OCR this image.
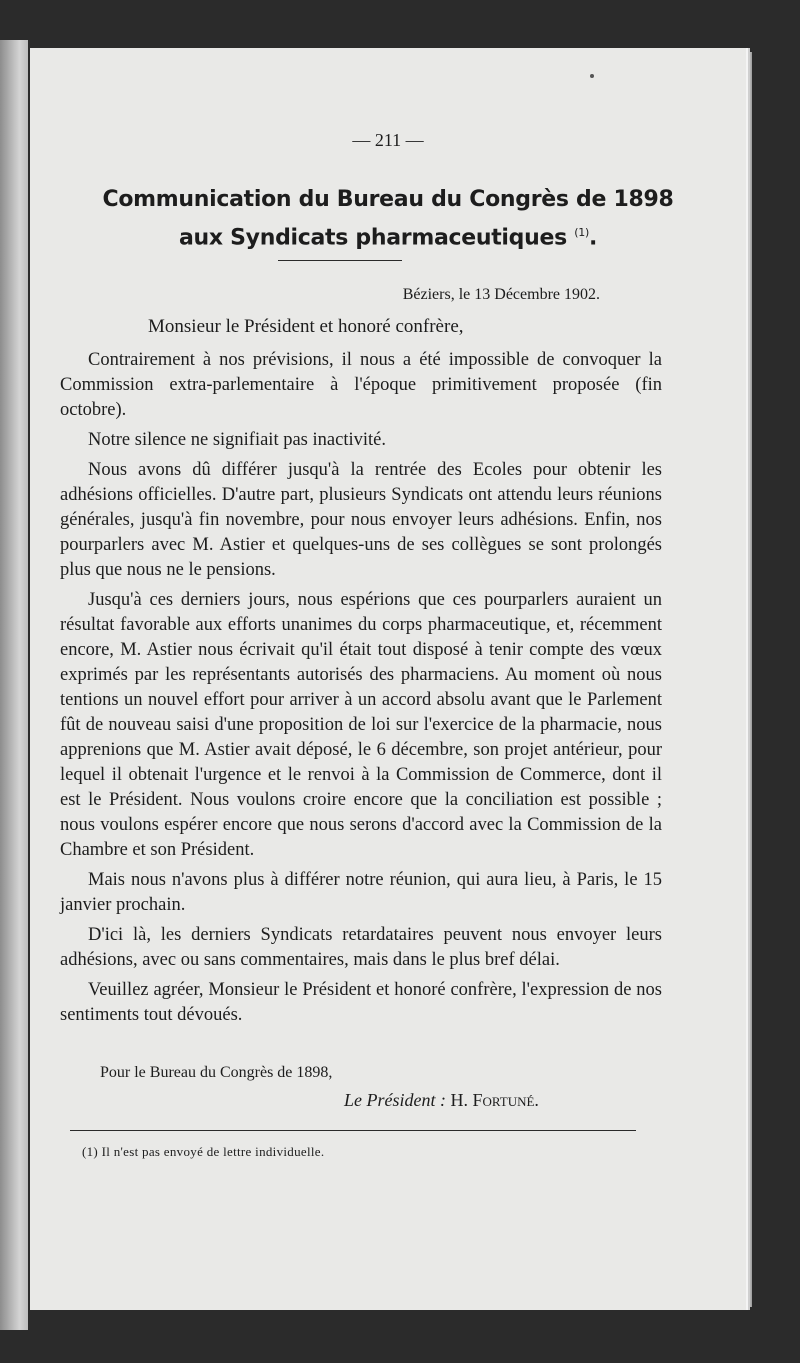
— 211 —
Communication du Bureau du Congrès de 1898
aux Syndicats pharmaceutiques $^{(1)}$.
Béziers, le 13 Décembre 1902.
Monsieur le Président et honoré confrère,

Contrairement à nos prévisions, il nous a été impossible de convoquer la Commission extra-parlementaire à l'époque primitivement proposée (fin octobre).

Notre silence ne signifiait pas inactivité.

Nous avons dû différer jusqu'à la rentrée des Ecoles pour obtenir les adhésions officielles. D'autre part, plusieurs Syndicats ont attendu leurs réunions générales, jusqu'à fin novembre, pour nous envoyer leurs adhésions. Enfin, nos pourparlers avec M. Astier et quelques-uns de ses collègues se sont prolongés plus que nous ne le pensions.

Jusqu'à ces derniers jours, nous espérions que ces pourparlers auraient un résultat favorable aux efforts unanimes du corps pharmaceutique, et, récemment encore, M. Astier nous écrivait qu'il était tout disposé à tenir compte des vœux exprimés par les représentants autorisés des pharmaciens. Au moment où nous tentions un nouvel effort pour arriver à un accord absolu avant que le Parlement fût de nouveau saisi d'une proposition de loi sur l'exercice de la pharmacie, nous apprenions que M. Astier avait déposé, le 6 décembre, son projet antérieur, pour lequel il obtenait l'urgence et le renvoi à la Commission de Commerce, dont il est le Président. Nous voulons croire encore que la conciliation est possible ; nous voulons espérer encore que nous serons d'accord avec la Commission de la Chambre et son Président.

Mais nous n'avons plus à différer notre réunion, qui aura lieu, à Paris, le 15 janvier prochain.

D'ici là, les derniers Syndicats retardataires peuvent nous envoyer leurs adhésions, avec ou sans commentaires, mais dans le plus bref délai.

Veuillez agréer, Monsieur le Président et honoré confrère, l'expression de nos sentiments tout dévoués.

Pour le Bureau du Congrès de 1898,
Le Président : H. Fortuné.
(1) Il n'est pas envoyé de lettre individuelle.
